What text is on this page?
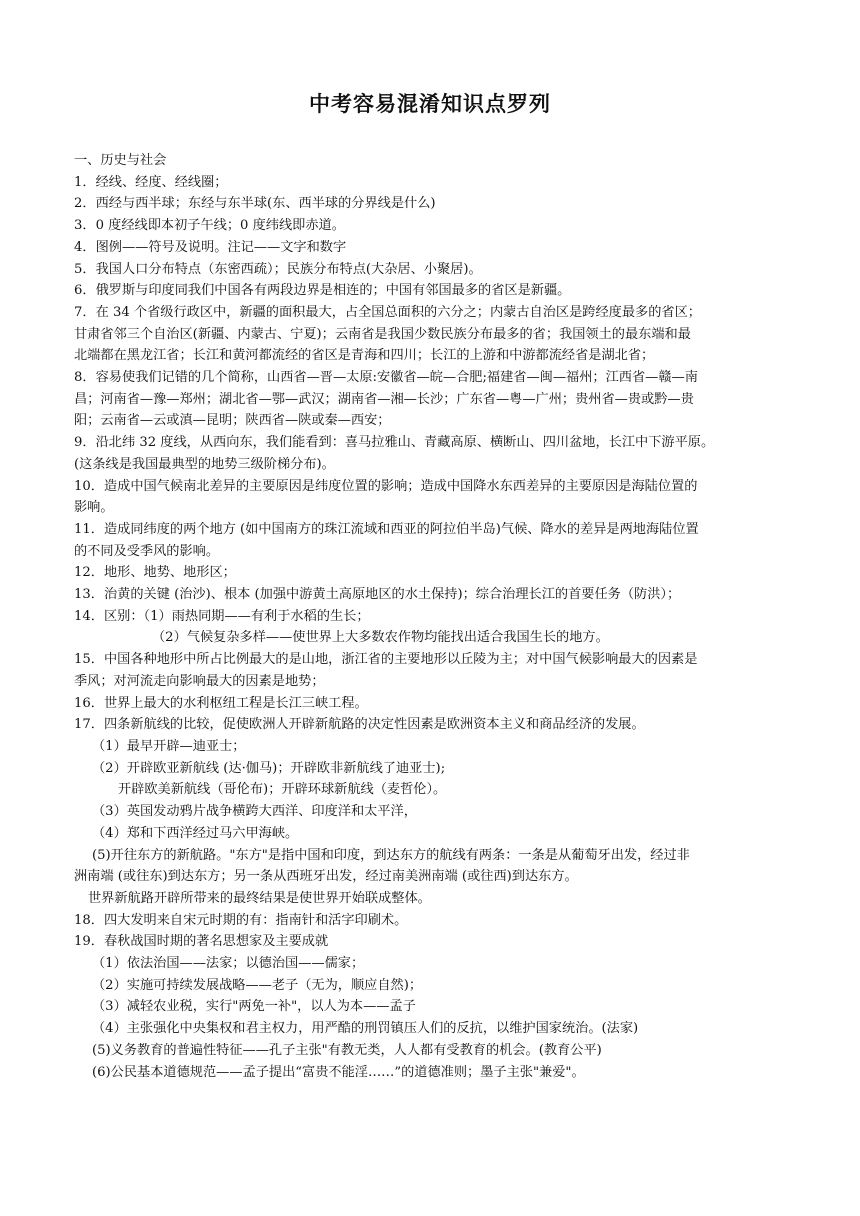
中考容易混淆知识点罗列
一、历史与社会
1．经线、经度、经线圈；
2．西经与西半球；东经与东半球(东、西半球的分界线是什么)
3．0 度经线即本初子午线；0 度纬线即赤道。
4．图例——符号及说明。注记——文字和数字
5．我国人口分布特点（东密西疏）；民族分布特点(大杂居、小聚居)。
6．俄罗斯与印度同我们中国各有两段边界是相连的；中国有邻国最多的省区是新疆。
7．在 34 个省级行政区中，新疆的面积最大，占全国总面积的六分之；内蒙古自治区是跨经度最多的省区；
甘肃省邻三个自治区(新疆、内蒙古、宁夏)；云南省是我国少数民族分布最多的省；我国领土的最东端和最
北端都在黑龙江省；长江和黄河都流经的省区是青海和四川；长江的上游和中游都流经省是湖北省；
8．容易使我们记错的几个简称，山西省—晋—太原:安徽省—皖—合肥;福建省—闽—福州；江西省—赣—南
昌；河南省—豫—郑州；湖北省—鄂—武汉；湖南省—湘—长沙；广东省—粤—广州；贵州省—贵或黔—贵
阳；云南省—云或滇—昆明；陕西省—陕或秦—西安；
9．沿北纬 32 度线，从西向东，我们能看到：喜马拉雅山、青藏高原、横断山、四川盆地，长江中下游平原。
(这条线是我国最典型的地势三级阶梯分布)。
10．造成中国气候南北差异的主要原因是纬度位置的影响；造成中国降水东西差异的主要原因是海陆位置的
影响。
11．造成同纬度的两个地方 (如中国南方的珠江流域和西亚的阿拉伯半岛)气候、降水的差异是两地海陆位置
的不同及受季风的影响。
12．地形、地势、地形区；
13．治黄的关键 (治沙)、根本 (加强中游黄土高原地区的水土保持)；综合治理长江的首要任务（防洪）；
14．区别：（1）雨热同期——有利于水稻的生长；
（2）气候复杂多样——使世界上大多数农作物均能找出适合我国生长的地方。
15．中国各种地形中所占比例最大的是山地，浙江省的主要地形以丘陵为主；对中国气候影响最大的因素是
季风；对河流走向影响最大的因素是地势；
16．世界上最大的水利枢纽工程是长江三峡工程。
17．四条新航线的比较，促使欧洲人开辟新航路的决定性因素是欧洲资本主义和商品经济的发展。
（1）最早开辟—迪亚士；
（2）开辟欧亚新航线 (达·伽马)；开辟欧非新航线了迪亚士);
开辟欧美新航线（哥伦布)；开辟环球新航线（麦哲伦）。
（3）英国发动鸦片战争横跨大西洋、印度洋和太平洋，
（4）郑和下西洋经过马六甲海峡。
(5)开往东方的新航路。"东方"是指中国和印度，到达东方的航线有两条：一条是从葡萄牙出发，经过非
洲南端 (或往东)到达东方；另一条从西班牙出发，经过南美洲南端 (或往西)到达东方。
世界新航路开辟所带来的最终结果是使世界开始联成整体。
18．四大发明来自宋元时期的有：指南针和活字印刷术。
19．春秋战国时期的著名思想家及主要成就
（1）依法治国——法家；以德治国——儒家；
（2）实施可持续发展战略——老子（无为，顺应自然)；
（3）减轻农业税，实行"两免一补"，以人为本——孟子
（4）主张强化中央集权和君主权力，用严酷的刑罚镇压人们的反抗，以维护国家统治。(法家)
(5)义务教育的普遍性特征——孔子主张"有教无类，人人都有受教育的机会。(教育公平)
(6)公民基本道德规范——孟子提出“富贵不能淫……”的道德准则；墨子主张"兼爱"。
